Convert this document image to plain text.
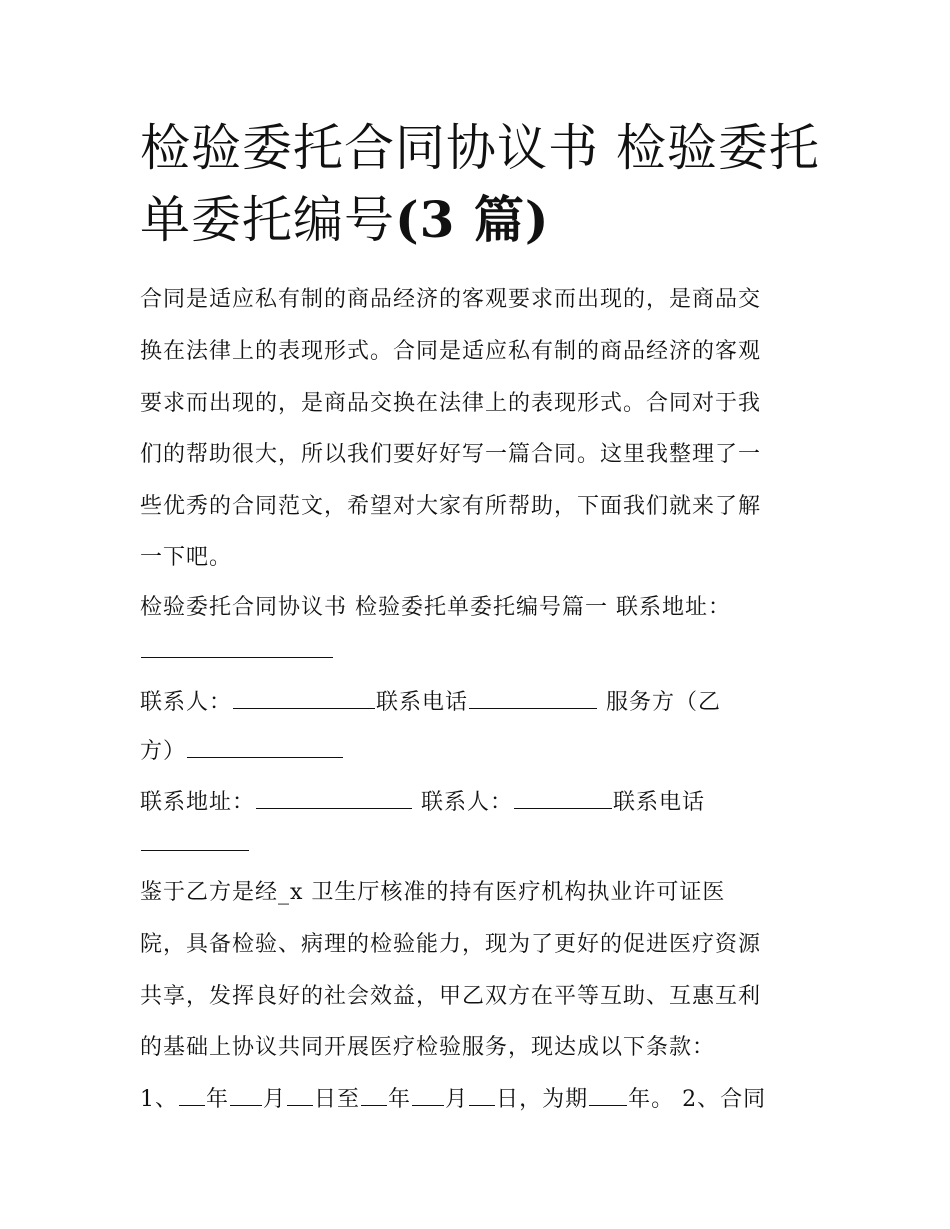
检验委托合同协议书 检验委托
单委托编号(3 篇)
合同是适应私有制的商品经济的客观要求而出现的，是商品交
换在法律上的表现形式。合同是适应私有制的商品经济的客观
要求而出现的，是商品交换在法律上的表现形式。合同对于我
们的帮助很大，所以我们要好好写一篇合同。这里我整理了一
些优秀的合同范文，希望对大家有所帮助，下面我们就来了解
一下吧。
检验委托合同协议书 检验委托单委托编号篇一 联系地址：
联系人：	联系电话	服务方（乙
方）
联系地址：	联系人：	联系电话
鉴于乙方是经_x 卫生厅核准的持有医疗机构执业许可证医
院，具备检验、病理的检验能力，现为了更好的促进医疗资源
共享，发挥良好的社会效益，甲乙双方在平等互助、互惠互利
的基础上协议共同开展医疗检验服务，现达成以下条款：
1、 年 月 日至 年 月 日，为期 年。 2、合同
